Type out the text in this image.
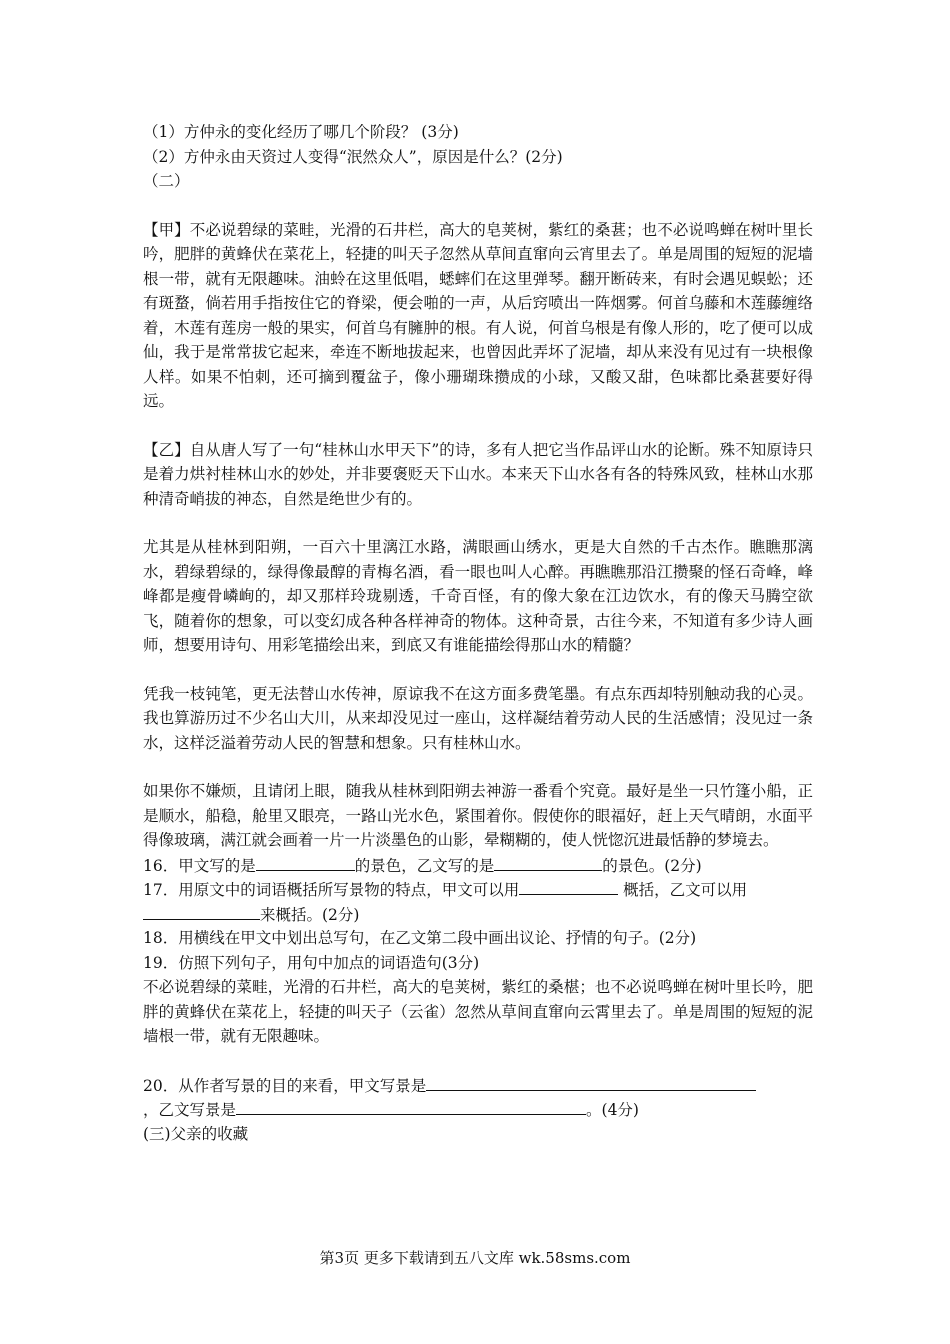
（1）方仲永的变化经历了哪几个阶段？ (3分)
（2）方仲永由天资过人变得“泯然众人”，原因是什么？(2分)
（二）

【甲】不必说碧绿的菜畦，光滑的石井栏，高大的皂荚树，紫红的桑葚；也不必说鸣蝉在树叶里长吟，肥胖的黄蜂伏在菜花上，轻捷的叫天子忽然从草间直窜向云宵里去了。单是周围的短短的泥墙根一带，就有无限趣味。油蛉在这里低唱，蟋蟀们在这里弹琴。翻开断砖来，有时会遇见蜈蚣；还有斑蝥，倘若用手指按住它的脊梁，便会啪的一声，从后窍喷出一阵烟雾。何首乌藤和木莲藤缠络着，木莲有莲房一般的果实，何首乌有臃肿的根。有人说，何首乌根是有像人形的，吃了便可以成仙，我于是常常拔它起来，牵连不断地拔起来，也曾因此弄坏了泥墙，却从来没有见过有一块根像人样。如果不怕刺，还可摘到覆盆子，像小珊瑚珠攒成的小球，又酸又甜，色味都比桑葚要好得远。

【乙】自从唐人写了一句“桂林山水甲天下”的诗，多有人把它当作品评山水的论断。殊不知原诗只是着力烘衬桂林山水的妙处，并非要褒贬天下山水。本来天下山水各有各的特殊风致，桂林山水那种清奇峭拔的神态，自然是绝世少有的。

尤其是从桂林到阳朔，一百六十里漓江水路，满眼画山绣水，更是大自然的千古杰作。瞧瞧那漓水，碧绿碧绿的，绿得像最醇的青梅名酒，看一眼也叫人心醉。再瞧瞧那沿江攒聚的怪石奇峰，峰峰都是瘦骨嶙峋的，却又那样玲珑剔透，千奇百怪，有的像大象在江边饮水，有的像天马腾空欲飞，随着你的想象，可以变幻成各种各样神奇的物体。这种奇景，古往今来，不知道有多少诗人画师，想要用诗句、用彩笔描绘出来，到底又有谁能描绘得那山水的精髓？

凭我一枝钝笔，更无法替山水传神，原谅我不在这方面多费笔墨。有点东西却特别触动我的心灵。我也算游历过不少名山大川，从来却没见过一座山，这样凝结着劳动人民的生活感情；没见过一条水，这样泛溢着劳动人民的智慧和想象。只有桂林山水。

如果你不嫌烦，且请闭上眼，随我从桂林到阳朔去神游一番看个究竟。最好是坐一只竹篷小船，正是顺水，船稳，舱里又眼亮，一路山光水色，紧围着你。假使你的眼福好，赶上天气晴朗，水面平得像玻璃，满江就会画着一片一片淡墨色的山影，晕糊糊的，使人恍惚沉进最恬静的梦境去。

16．甲文写的是	的景色，乙文写的是	的景色。(2分)
17．用原文中的词语概括所写景物的特点，甲文可以用	概括，乙文可以用
来概括。(2分)
18．用横线在甲文中划出总写句，在乙文第二段中画出议论、抒情的句子。(2分)
19．仿照下列句子，用句中加点的词语造句(3分)

不必说碧绿的菜畦，光滑的石井栏，高大的皂荚树，紫红的桑椹；也不必说鸣蝉在树叶里长吟，肥胖的黄蜂伏在菜花上，轻捷的叫天子（云雀）忽然从草间直窜向云霄里去了。单是周围的短短的泥墙根一带，就有无限趣味。

20．从作者写景的目的来看，甲文写景是
，乙文写景是	。(4分)
(三)父亲的收藏
第3页 更多下载请到五八文库 wk.58sms.com
